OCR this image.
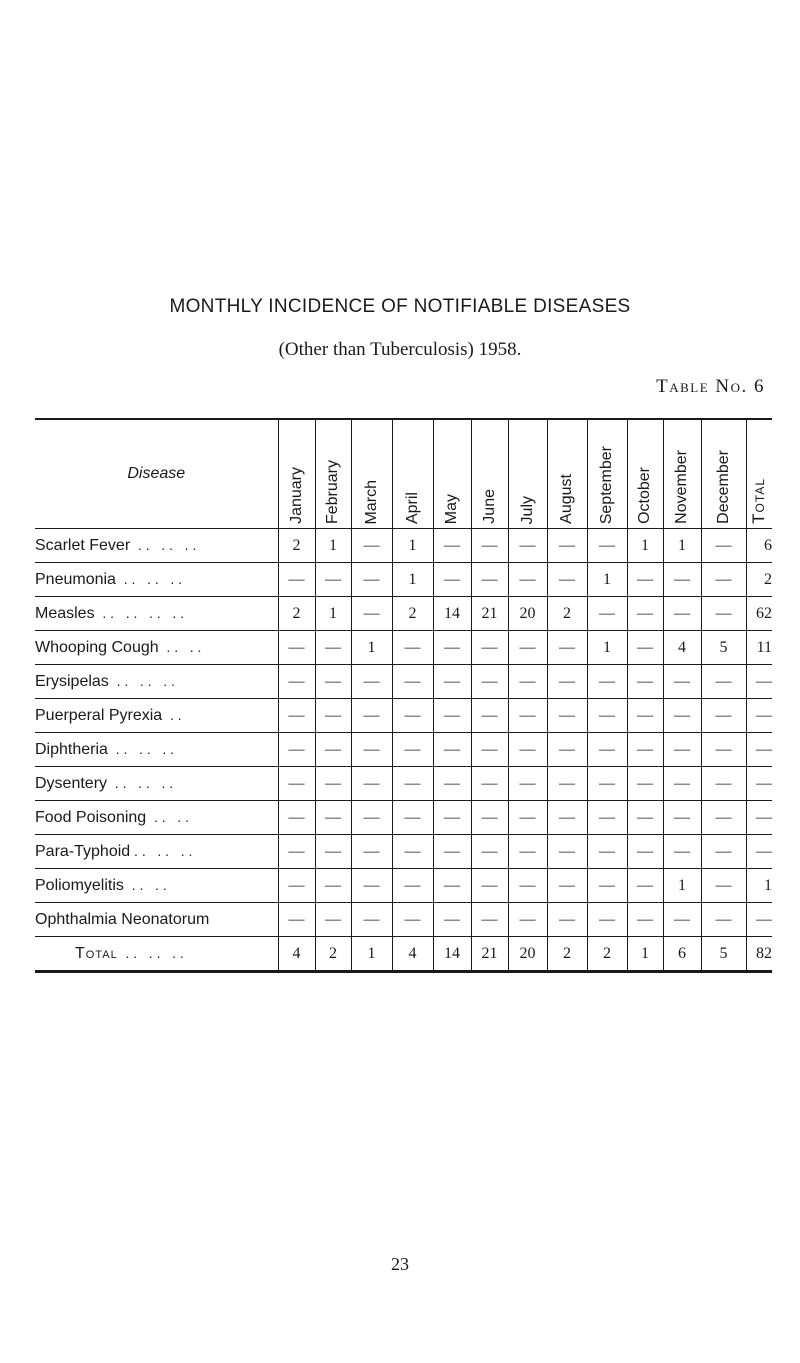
MONTHLY INCIDENCE OF NOTIFIABLE DISEASES
(Other than Tuberculosis) 1958.
Table No. 6
Disease	January	February	March	April	May	June	July	August	September	October	November	December	Total

Scarlet Fever  . .   . .   . .	2	1	—	1	—	—	—	—	—	1	1	—	6
Pneumonia  . .   . .   . .	—	—	—	1	—	—	—	—	1	—	—	—	2
Measles  . .   . .   . .   . .	2	1	—	2	14	21	20	2	—	—	—	—	62
Whooping Cough  . .   . .	—	—	1	—	—	—	—	—	1	—	4	5	11
Erysipelas  . .   . .   . .	—	—	—	—	—	—	—	—	—	—	—	—	—
Puerperal Pyrexia  . .	—	—	—	—	—	—	—	—	—	—	—	—	—
Diphtheria  . .   . .   . .	—	—	—	—	—	—	—	—	—	—	—	—	—
Dysentery  . .   . .   . .	—	—	—	—	—	—	—	—	—	—	—	—	—
Food Poisoning  . .   . .	—	—	—	—	—	—	—	—	—	—	—	—	—
Para-Typhoid . .   . .   . .	—	—	—	—	—	—	—	—	—	—	—	—	—
Poliomyelitis  . .   . .	—	—	—	—	—	—	—	—	—	—	1	—	1
Ophthalmia Neonatorum	—	—	—	—	—	—	—	—	—	—	—	—	—
Total  . .   . .   . .	4	2	1	4	14	21	20	2	2	1	6	5	82
23
